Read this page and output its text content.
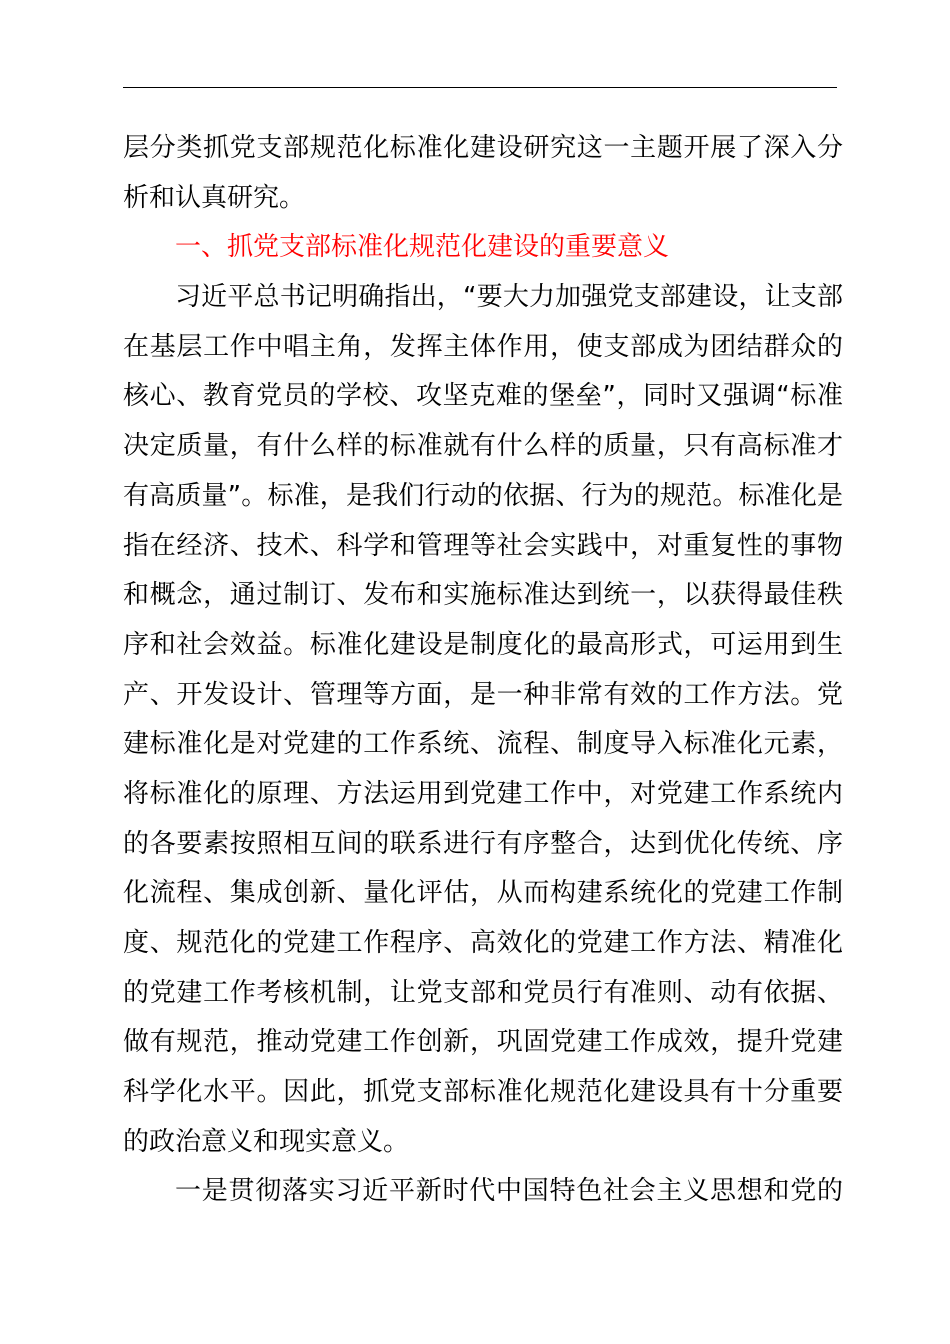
层分类抓党支部规范化标准化建设研究这一主题开展了深入分
析和认真研究。
一、抓党支部标准化规范化建设的重要意义
习近平总书记明确指出，“要大力加强党支部建设，让支部
在基层工作中唱主角，发挥主体作用，使支部成为团结群众的
核心、教育党员的学校、攻坚克难的堡垒”，同时又强调“标准
决定质量，有什么样的标准就有什么样的质量，只有高标准才
有高质量”。标准，是我们行动的依据、行为的规范。标准化是
指在经济、技术、科学和管理等社会实践中，对重复性的事物
和概念，通过制订、发布和实施标准达到统一，以获得最佳秩
序和社会效益。标准化建设是制度化的最高形式，可运用到生
产、开发设计、管理等方面，是一种非常有效的工作方法。党
建标准化是对党建的工作系统、流程、制度导入标准化元素，
将标准化的原理、方法运用到党建工作中，对党建工作系统内
的各要素按照相互间的联系进行有序整合，达到优化传统、序
化流程、集成创新、量化评估，从而构建系统化的党建工作制
度、规范化的党建工作程序、高效化的党建工作方法、精准化
的党建工作考核机制，让党支部和党员行有准则、动有依据、
做有规范，推动党建工作创新，巩固党建工作成效，提升党建
科学化水平。因此，抓党支部标准化规范化建设具有十分重要
的政治意义和现实意义。
一是贯彻落实习近平新时代中国特色社会主义思想和党的
